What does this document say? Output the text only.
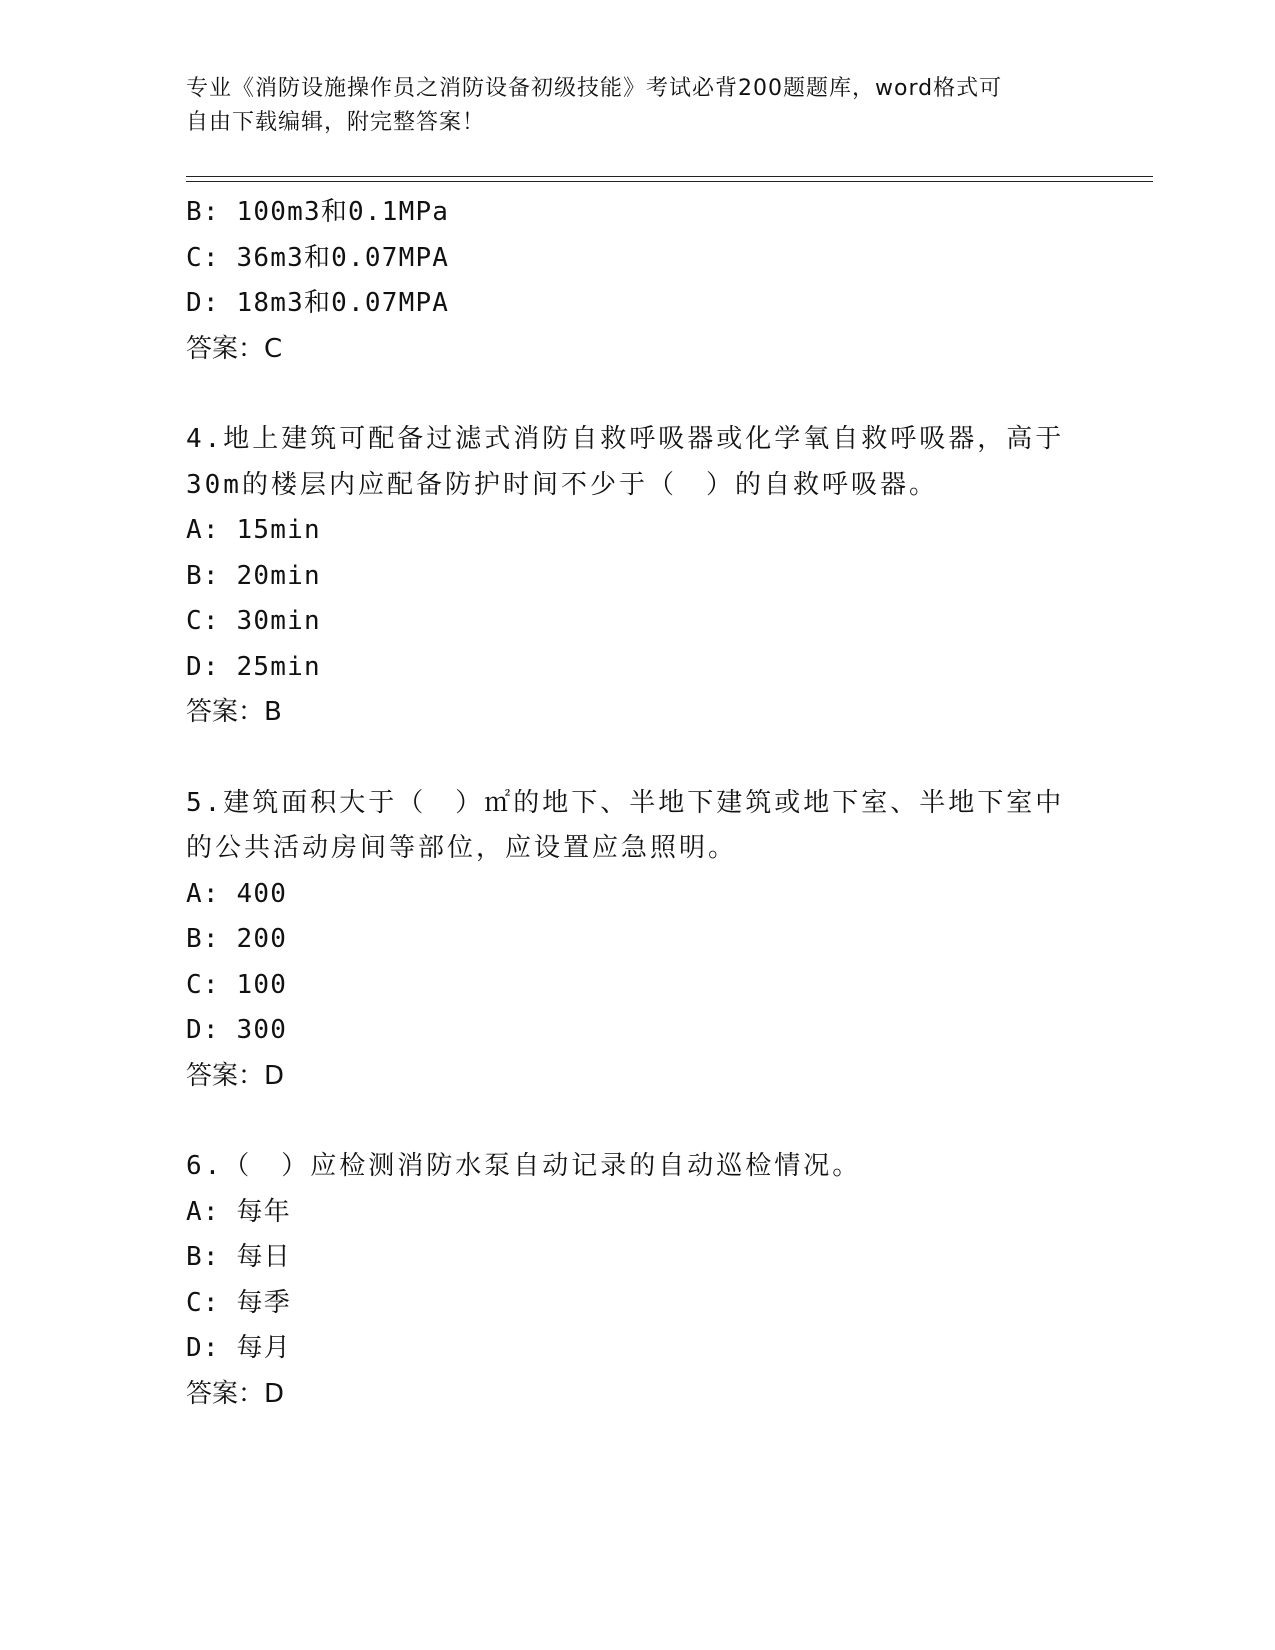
专业《消防设施操作员之消防设备初级技能》考试必背200题题库，word格式可
自由下载编辑，附完整答案！
B: 100m3和0.1MPa
C: 36m3和0.07MPA
D: 18m3和0.07MPA
答案：C
4.地上建筑可配备过滤式消防自救呼吸器或化学氧自救呼吸器，高于
30m的楼层内应配备防护时间不少于（　）的自救呼吸器。
A: 15min
B: 20min
C: 30min
D: 25min
答案：B
5.建筑面积大于（　）㎡的地下、半地下建筑或地下室、半地下室中
的公共活动房间等部位，应设置应急照明。
A: 400
B: 200
C: 100
D: 300
答案：D
6.（　）应检测消防水泵自动记录的自动巡检情况。
A: 每年
B: 每日
C: 每季
D: 每月
答案：D
